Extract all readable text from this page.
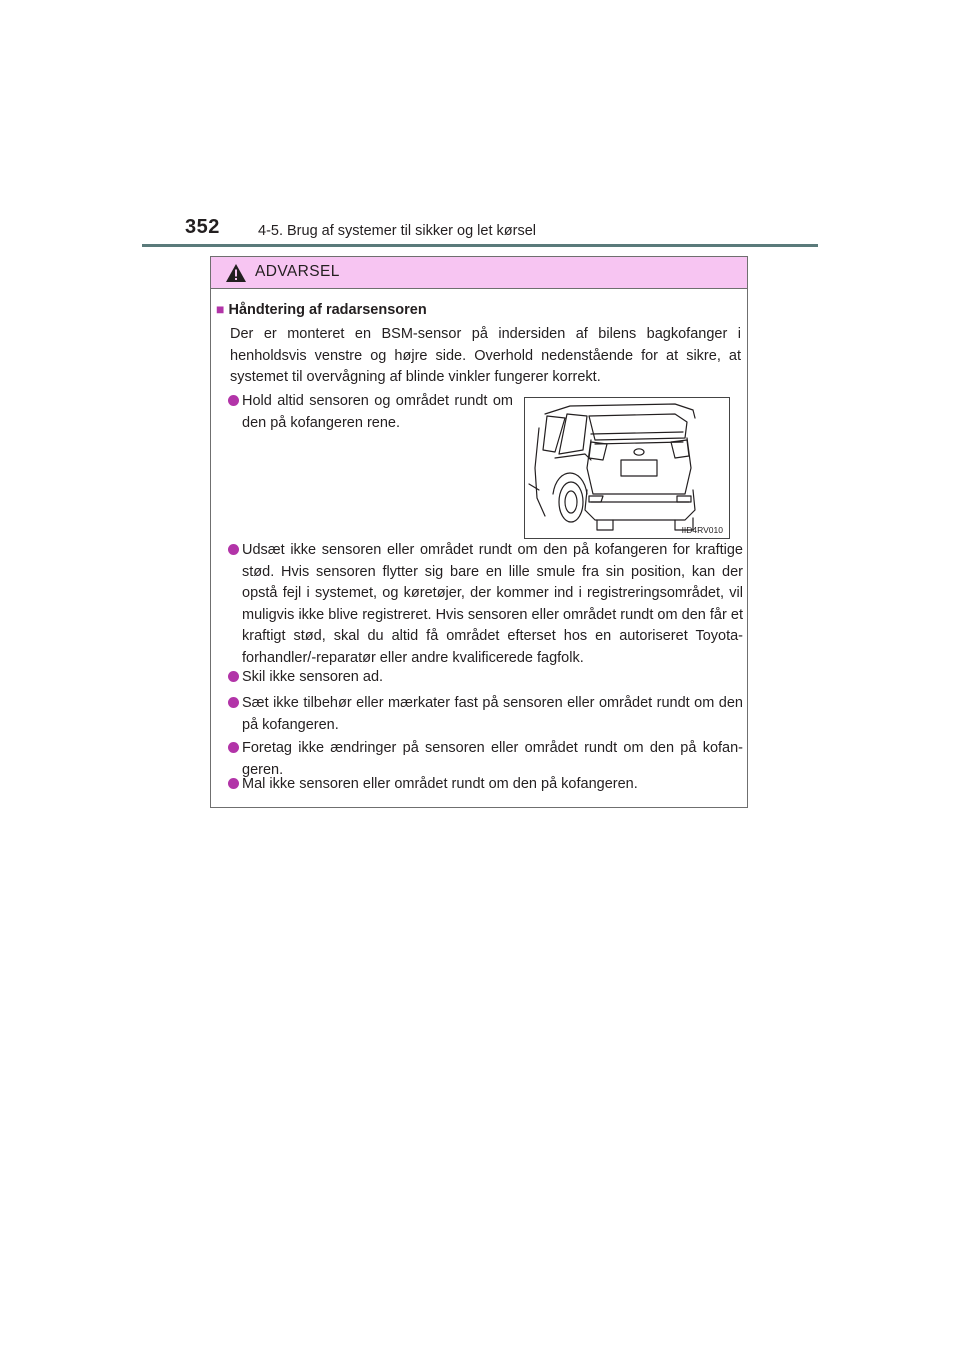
352	4-5. Brug af systemer til sikker og let kørsel
ADVARSEL
■ Håndtering af radarsensoren
Der er monteret en BSM-sensor på indersiden af bilens bagkofanger i henholdsvis venstre og højre side. Overhold nedenstående for at sikre, at systemet til overvågning af blinde vinkler fungerer korrekt.
Hold altid sensoren og området rundt om den på kofangeren rene.
IID4RV010
Udsæt ikke sensoren eller området rundt om den på kofangeren for kraftige stød. Hvis sensoren flytter sig bare en lille smule fra sin position, kan der opstå fejl i systemet, og køretøjer, der kommer ind i registreringsområdet, vil muligvis ikke blive registreret. Hvis sensoren eller området rundt om den får et kraftigt stød, skal du altid få området efterset hos en autoriseret Toyota-forhandler/-reparatør eller andre kvalificerede fagfolk.
Skil ikke sensoren ad.
Sæt ikke tilbehør eller mærkater fast på sensoren eller området rundt om den på kofangeren.
Foretag ikke ændringer på sensoren eller området rundt om den på kofan-geren.
Mal ikke sensoren eller området rundt om den på kofangeren.
